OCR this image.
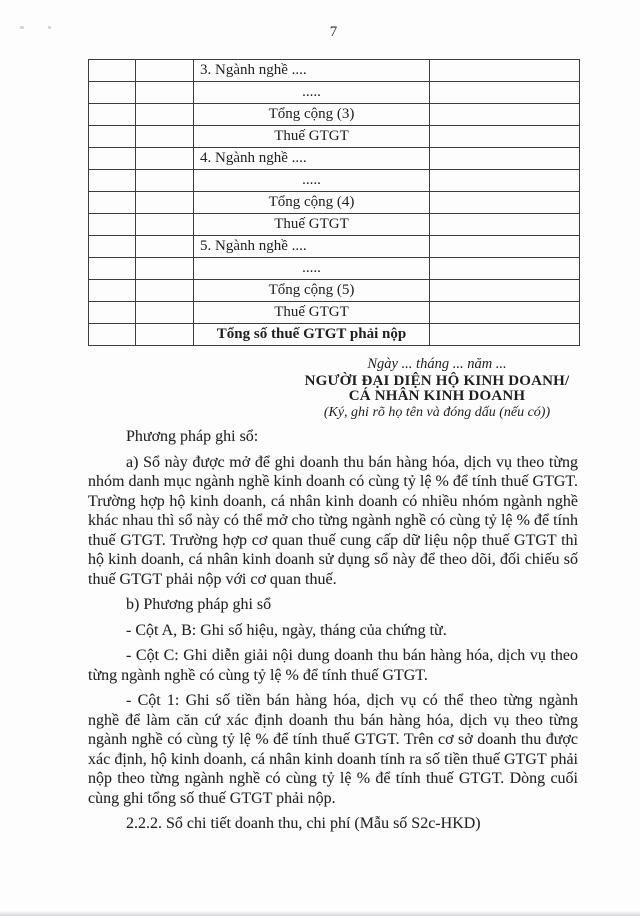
7
		3. Ngành nghề ....	
		.....	
		Tổng cộng (3)	
		Thuế GTGT	
		4. Ngành nghề ....	
		.....	
		Tổng cộng (4)	
		Thuế GTGT	
		5. Ngành nghề ....	
		.....	
		Tổng cộng (5)	
		Thuế GTGT	
		Tổng số thuế GTGT phải nộp	
Ngày ... tháng ... năm ...
NGƯỜI ĐẠI DIỆN HỘ KINH DOANH/
CÁ NHÂN KINH DOANH
(Ký, ghi rõ họ tên và đóng dấu (nếu có))

Phương pháp ghi sổ:

a) Sổ này được mở để ghi doanh thu bán hàng hóa, dịch vụ theo từng nhóm danh mục ngành nghề kinh doanh có cùng tỷ lệ % để tính thuế GTGT. Trường hợp hộ kinh doanh, cá nhân kinh doanh có nhiều nhóm ngành nghề khác nhau thì sổ này có thể mở cho từng ngành nghề có cùng tỷ lệ % để tính thuế GTGT. Trường hợp cơ quan thuế cung cấp dữ liệu nộp thuế GTGT thì hộ kinh doanh, cá nhân kinh doanh sử dụng sổ này để theo dõi, đối chiếu số thuế GTGT phải nộp với cơ quan thuế.

b) Phương pháp ghi sổ

- Cột A, B: Ghi số hiệu, ngày, tháng của chứng từ.

- Cột C: Ghi diễn giải nội dung doanh thu bán hàng hóa, dịch vụ theo từng ngành nghề có cùng tỷ lệ % để tính thuế GTGT.

- Cột 1: Ghi số tiền bán hàng hóa, dịch vụ có thể theo từng ngành nghề để làm căn cứ xác định doanh thu bán hàng hóa, dịch vụ theo từng ngành nghề có cùng tỷ lệ % để tính thuế GTGT. Trên cơ sở doanh thu được xác định, hộ kinh doanh, cá nhân kinh doanh tính ra số tiền thuế GTGT phải nộp theo từng ngành nghề có cùng tỷ lệ % để tính thuế GTGT. Dòng cuối cùng ghi tổng số thuế GTGT phải nộp.

2.2.2. Sổ chi tiết doanh thu, chi phí (Mẫu số S2c-HKD)
